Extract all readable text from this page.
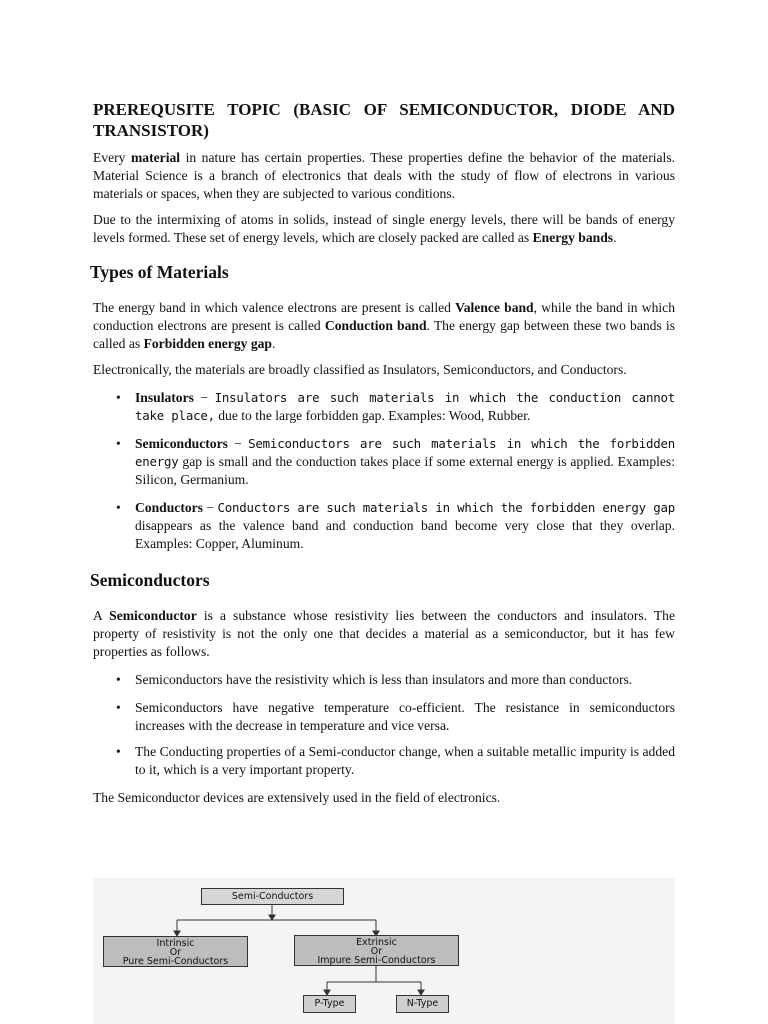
PREREQUSITE TOPIC (BASIC OF SEMICONDUCTOR, DIODE AND TRANSISTOR)

Every material in nature has certain properties. These properties define the behavior of the materials. Material Science is a branch of electronics that deals with the study of flow of electrons in various materials or spaces, when they are subjected to various conditions.

Due to the intermixing of atoms in solids, instead of single energy levels, there will be bands of energy levels formed. These set of energy levels, which are closely packed are called as Energy bands.

Types of Materials

The energy band in which valence electrons are present is called Valence band, while the band in which conduction electrons are present is called Conduction band. The energy gap between these two bands is called as Forbidden energy gap.

Electronically, the materials are broadly classified as Insulators, Semiconductors, and Conductors.

• Insulators − Insulators are such materials in which the conduction cannot take place, due to the large forbidden gap. Examples: Wood, Rubber.
• Semiconductors − Semiconductors are such materials in which the forbidden energy gap is small and the conduction takes place if some external energy is applied. Examples: Silicon, Germanium.
• Conductors − Conductors are such materials in which the forbidden energy gap disappears as the valence band and conduction band become very close that they overlap. Examples: Copper, Aluminum.
Semiconductors

A Semiconductor is a substance whose resistivity lies between the conductors and insulators. The property of resistivity is not the only one that decides a material as a semiconductor, but it has few properties as follows.

• Semiconductors have the resistivity which is less than insulators and more than conductors.
• Semiconductors have negative temperature co-efficient. The resistance in semiconductors increases with the decrease in temperature and vice versa.
• The Conducting properties of a Semi-conductor change, when a suitable metallic impurity is added to it, which is a very important property.

The Semiconductor devices are extensively used in the field of electronics.

Semi-Conductors
Intrinsic
Or
Pure Semi-Conductors
Extrinsic
Or
Impure Semi-Conductors
P-Type	N-Type
